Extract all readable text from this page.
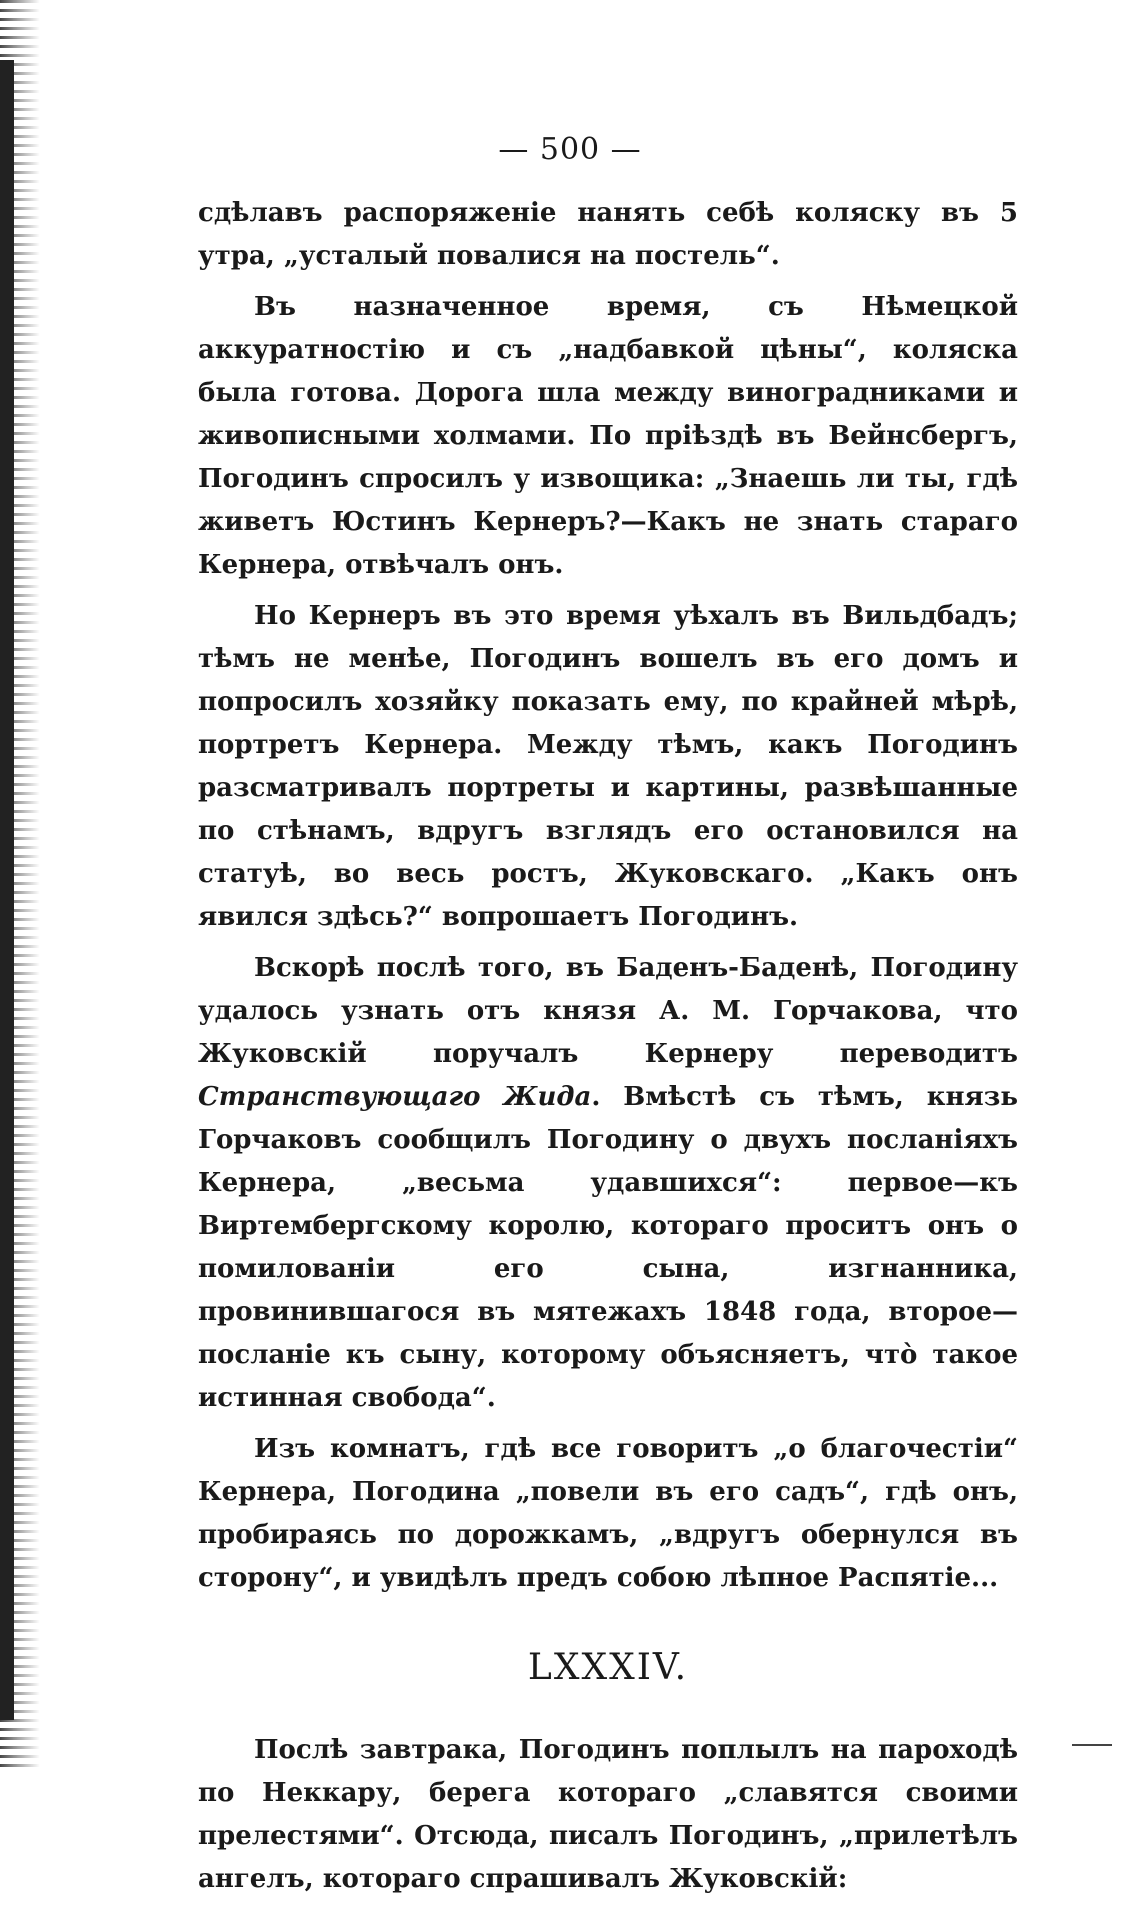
— 500 —

сдѣлавъ распоряженіе нанять себѣ коляску въ 5 утра, „усталый повалися на постель“.

Въ назначенное время, съ Нѣмецкой аккуратностію и съ „надбавкой цѣны“, коляска была готова. Дорога шла между виноградниками и живописными холмами. По пріѣздѣ въ Вейнсбергъ, Погодинъ спросилъ у извощика: „Знаешь ли ты, гдѣ живетъ Юстинъ Кернеръ?—Какъ не знать стараго Кернера, отвѣчалъ онъ.

Но Кернеръ въ это время уѣхалъ въ Вильдбадъ; тѣмъ не менѣе, Погодинъ вошелъ въ его домъ и попросилъ хозяйку показать ему, по крайней мѣрѣ, портретъ Кернера. Между тѣмъ, какъ Погодинъ разсматривалъ портреты и картины, развѣшанные по стѣнамъ, вдругъ взглядъ его остановился на статуѣ, во весь ростъ, Жуковскаго. „Какъ онъ явился здѣсь?“ вопрошаетъ Погодинъ.

Вскорѣ послѣ того, въ Баденъ-Баденѣ, Погодину удалось узнать отъ князя А. М. Горчакова, что Жуковскій поручалъ Кернеру переводитъ Странствующаго Жида. Вмѣстѣ съ тѣмъ, князь Горчаковъ сообщилъ Погодину о двухъ посланіяхъ Кернера, „весьма удавшихся“: первое—къ Виртембергскому королю, котораго проситъ онъ о помилованіи его сына, изгнанника, провинившагося въ мятежахъ 1848 года, второе—посланіе къ сыну, которому объясняетъ, что̀ такое истинная свобода“.

Изъ комнатъ, гдѣ все говоритъ „о благочестіи“ Кернера, Погодина „повели въ его садъ“, гдѣ онъ, пробираясь по дорожкамъ, „вдругъ обернулся въ сторону“, и увидѣлъ предъ собою лѣпное Распятіе...

LXXXIV.

Послѣ завтрака, Погодинъ поплылъ на пароходѣ по Неккару, берега котораго „славятся своими прелестями“. Отсюда, писалъ Погодинъ, „прилетѣлъ ангелъ, котораго спрашивалъ Жуковскій:
